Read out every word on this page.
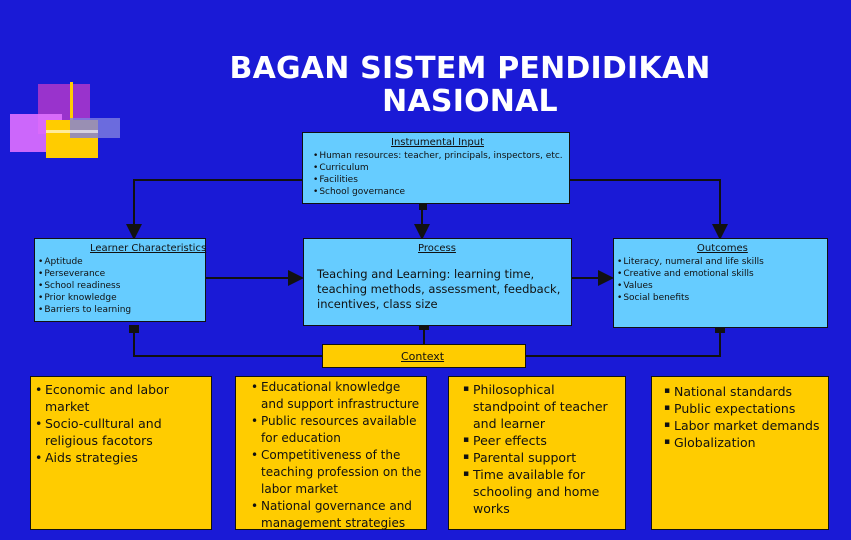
BAGAN SISTEM PENDIDIKAN
NASIONAL
Instrumental Input
• Human resources: teacher, principals, inspectors, etc.
• Curriculum
• Facilities
• School governance
Learner Characteristics
• Aptitude
• Perseverance
• School readiness
• Prior knowledge
• Barriers to learning
Process
Teaching and Learning: learning time, teaching methods, assessment, feedback, incentives, class size
Outcomes
• Literacy, numeral and life skills
• Creative and emotional skills
• Values
• Social benefits
Context
• Economic and labor market
• Socio-culltural and religious facotors
• Aids strategies
• Educational knowledge and support infrastructure
• Public resources available for education
• Competitiveness of the teaching profession on the labor market
• National governance and management strategies
▪ Philosophical standpoint of teacher and learner
▪ Peer effects
▪ Parental support
▪ Time available for schooling and home works
▪ National standards
▪ Public expectations
▪ Labor market demands
▪ Globalization
